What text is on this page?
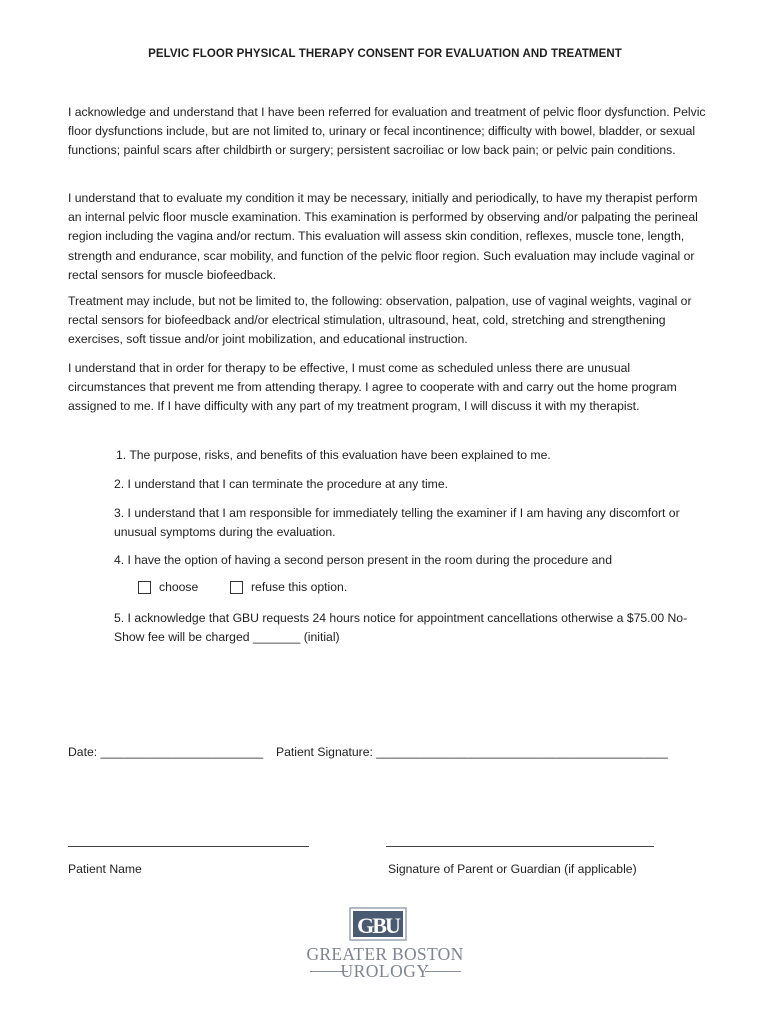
PELVIC FLOOR PHYSICAL THERAPY CONSENT FOR EVALUATION AND TREATMENT

I acknowledge and understand that I have been referred for evaluation and treatment of pelvic floor dysfunction. Pelvic floor dysfunctions include, but are not limited to, urinary or fecal incontinence; difficulty with bowel, bladder, or sexual functions; painful scars after childbirth or surgery; persistent sacroiliac or low back pain; or pelvic pain conditions.

I understand that to evaluate my condition it may be necessary, initially and periodically, to have my therapist perform an internal pelvic floor muscle examination. This examination is performed by observing and/or palpating the perineal region including the vagina and/or rectum. This evaluation will assess skin condition, reflexes, muscle tone, length, strength and endurance, scar mobility, and function of the pelvic floor region. Such evaluation may include vaginal or rectal sensors for muscle biofeedback.

Treatment may include, but not be limited to, the following: observation, palpation, use of vaginal weights, vaginal or rectal sensors for biofeedback and/or electrical stimulation, ultrasound, heat, cold, stretching and strengthening exercises, soft tissue and/or joint mobilization, and educational instruction.

I understand that in order for therapy to be effective, I must come as scheduled unless there are unusual circumstances that prevent me from attending therapy. I agree to cooperate with and carry out the home program assigned to me. If I have difficulty with any part of my treatment program, I will discuss it with my therapist.

1. The purpose, risks, and benefits of this evaluation have been explained to me.

2. I understand that I can terminate the procedure at any time.

3. I understand that I am responsible for immediately telling the examiner if I am having any discomfort or unusual symptoms during the evaluation.

4. I have the option of having a second person present in the room during the procedure and

choose	refuse this option.

5. I acknowledge that GBU requests 24 hours notice for appointment cancellations otherwise a $75.00 No-Show fee will be charged _______ (initial)

Date: ________________________ Patient Signature: ___________________________________________
Patient Name	Signature of Parent or Guardian (if applicable)
GBU
GREATER BOSTON
UROLOGY
